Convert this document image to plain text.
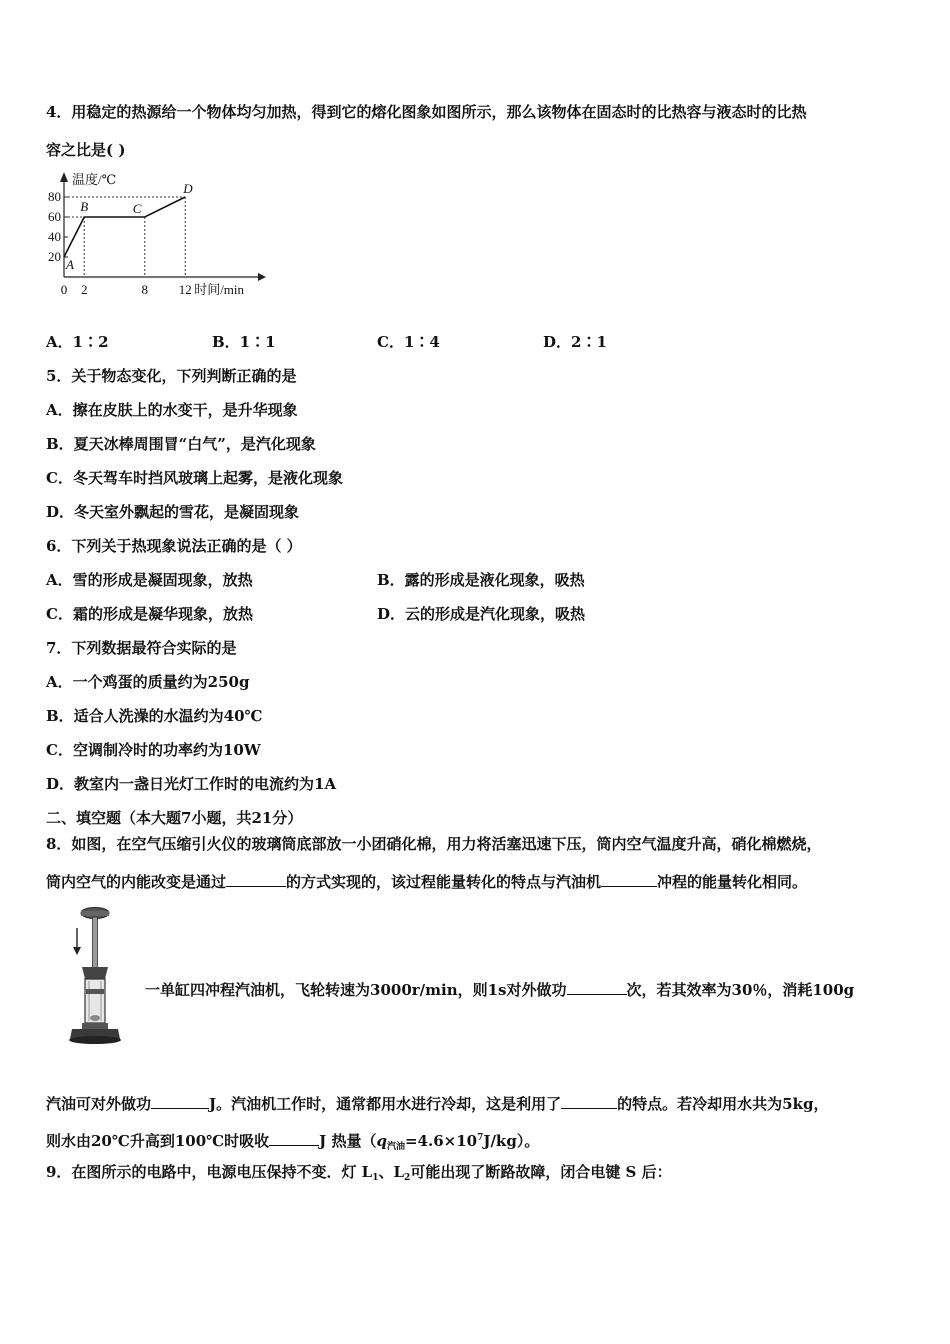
4．用稳定的热源给一个物体均匀加热，得到它的熔化图象如图所示，那么该物体在固态时的比热容与液态时的比热
容之比是( )
温度/℃
时间/min
20
40
60
80
0 2	8 12
A
B	C
D
A．1∶2	B．1∶1	C．1∶4	D．2∶1
5．关于物态变化，下列判断正确的是
A．擦在皮肤上的水变干，是升华现象
B．夏天冰棒周围冒“白气”，是汽化现象
C．冬天驾车时挡风玻璃上起雾，是液化现象
D．冬天室外飘起的雪花，是凝固现象
6．下列关于热现象说法正确的是（ ）
A．雪的形成是凝固现象，放热	B．露的形成是液化现象，吸热
C．霜的形成是凝华现象，放热	D．云的形成是汽化现象，吸热
7．下列数据最符合实际的是
A．一个鸡蛋的质量约为250g
B．适合人洗澡的水温约为40℃
C．空调制冷时的功率约为10W
D．教室内一盏日光灯工作时的电流约为1A
二、填空题（本大题7小题，共21分）
8．如图，在空气压缩引火仪的玻璃筒底部放一小团硝化棉，用力将活塞迅速下压，筒内空气温度升高，硝化棉燃烧，
筒内空气的内能改变是通过	的方式实现的，该过程能量转化的特点与汽油机	冲程的能量转化相同。
一单缸四冲程汽油机，飞轮转速为3000r/min，则1s对外做功	次，若其效率为30％，消耗100g
汽油可对外做功	J。汽油机工作时，通常都用水进行冷却，这是利用了	的特点。若冷却用水共为5kg，
则水由20℃升高到100℃时吸收	J 热量$(q_{汽油}=4.6\times 10^7J/kg)$。
9．在图所示的电路中，电源电压保持不变．灯 $L_1$、$L_2$可能出现了断路故障，闭合电键 S 后：
